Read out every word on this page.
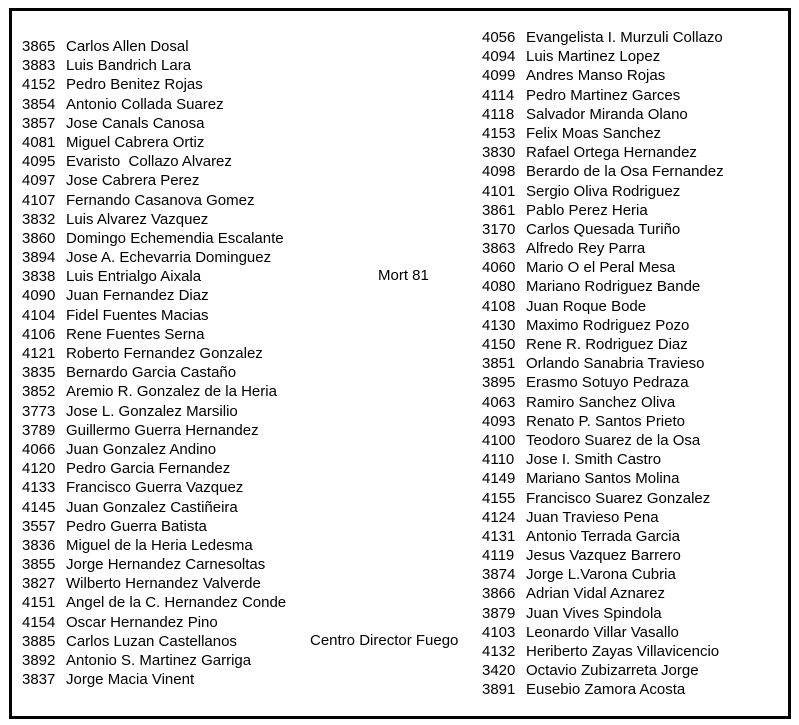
3865 Carlos Allen Dosal
3883 Luis Bandrich Lara
4152 Pedro Benitez Rojas
3854 Antonio Collada Suarez
3857 Jose Canals Canosa
4081 Miguel Cabrera Ortiz
4095 Evaristo  Collazo Alvarez
4097 Jose Cabrera Perez
4107 Fernando Casanova Gomez
3832 Luis Alvarez Vazquez
3860 Domingo Echemendia Escalante
3894 Jose A. Echevarria Dominguez
3838 Luis Entrialgo Aixala
4090 Juan Fernandez Diaz
4104 Fidel Fuentes Macias
4106 Rene Fuentes Serna
4121 Roberto Fernandez Gonzalez
3835 Bernardo Garcia Castaño
3852 Aremio R. Gonzalez de la Heria
3773 Jose L. Gonzalez Marsilio
3789 Guillermo Guerra Hernandez
4066 Juan Gonzalez Andino
4120 Pedro Garcia Fernandez
4133 Francisco Guerra Vazquez
4145 Juan Gonzalez Castiñeira
3557 Pedro Guerra Batista
3836 Miguel de la Heria Ledesma
3855 Jorge Hernandez Carnesoltas
3827 Wilberto Hernandez Valverde
4151 Angel de la C. Hernandez Conde
4154 Oscar Hernandez Pino
3885 Carlos Luzan Castellanos
3892 Antonio S. Martinez Garriga
3837 Jorge Macia Vinent
4056 Evangelista I. Murzuli Collazo
4094 Luis Martinez Lopez
4099 Andres Manso Rojas
4114 Pedro Martinez Garces
4118 Salvador Miranda Olano
4153 Felix Moas Sanchez
3830 Rafael Ortega Hernandez
4098 Berardo de la Osa Fernandez
4101 Sergio Oliva Rodriguez
3861 Pablo Perez Heria
3170 Carlos Quesada Turiño
3863 Alfredo Rey Parra
4060 Mario O el Peral Mesa
4080 Mariano Rodriguez Bande
4108 Juan Roque Bode
4130 Maximo Rodriguez Pozo
4150 Rene R. Rodriguez Diaz
3851 Orlando Sanabria Travieso
3895 Erasmo Sotuyo Pedraza
4063 Ramiro Sanchez Oliva
4093 Renato P. Santos Prieto
4100 Teodoro Suarez de la Osa
4110 Jose I. Smith Castro
4149 Mariano Santos Molina
4155 Francisco Suarez Gonzalez
4124 Juan Travieso Pena
4131 Antonio Terrada Garcia
4119 Jesus Vazquez Barrero
3874 Jorge L.Varona Cubria
3866 Adrian Vidal Aznarez
3879 Juan Vives Spindola
4103 Leonardo Villar Vasallo
4132 Heriberto Zayas Villavicencio
3420 Octavio Zubizarreta Jorge
3891 Eusebio Zamora Acosta
Mort 81
Centro Director Fuego
